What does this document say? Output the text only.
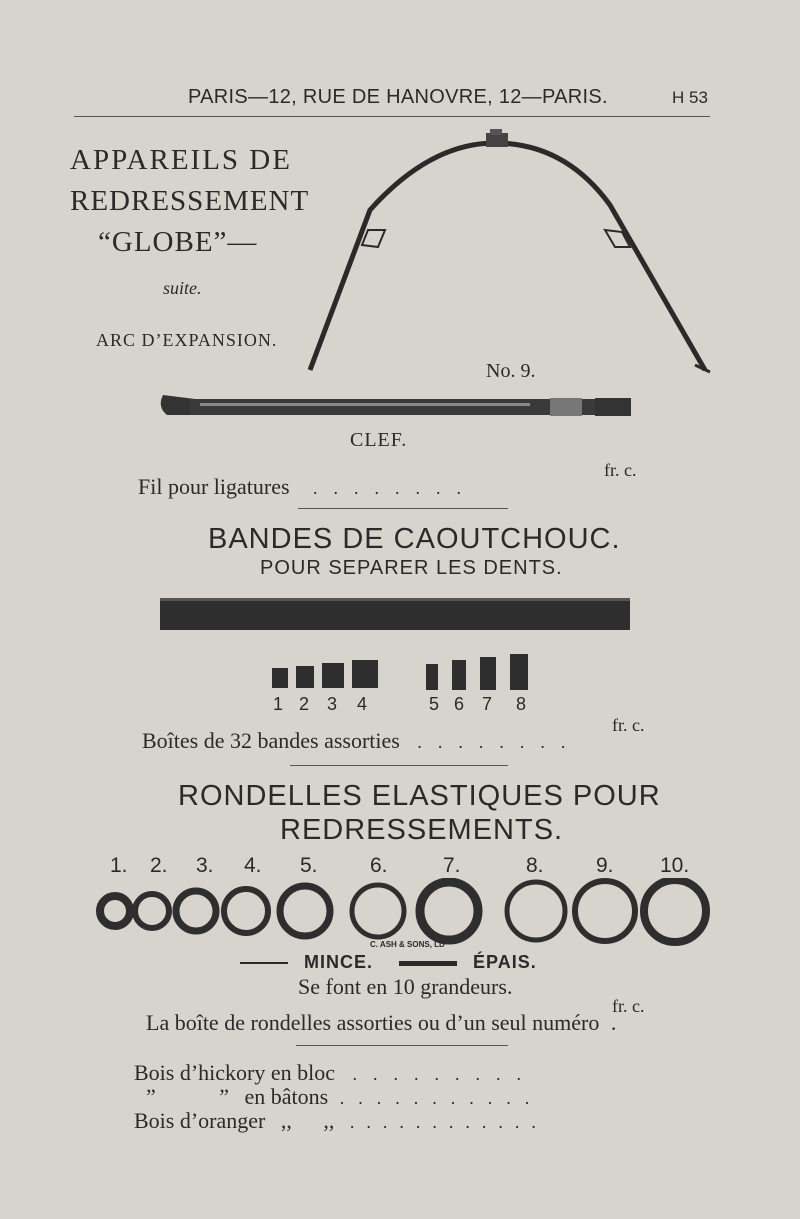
PARIS—12, RUE DE HANOVRE, 12—PARIS.	H 53
APPAREILS DE
REDRESSEMENT
“GLOBE”—
suite.
ARC D’EXPANSION.
No. 9.
CLEF.
fr. c.
Fil pour ligatures ........
BANDES DE CAOUTCHOUC.
POUR SEPARER LES DENTS.
1 2 3 4	5 6 7 8
fr. c.
Boîtes de 32 bandes assorties ........
RONDELLES ELASTIQUES POUR
REDRESSEMENTS.
1. 2. 3. 4. 5. 6.	7.	8. 9. 10.
C. ASH & SONS, LD
MINCE.	ÉPAIS.
Se font en 10 grandeurs.
fr. c.
La boîte de rondelles assorties ou d’un seul numéro .
Bois d’hickory en bloc .........
”	” en bâtons ...........
Bois d’oranger ,, ,, ............
